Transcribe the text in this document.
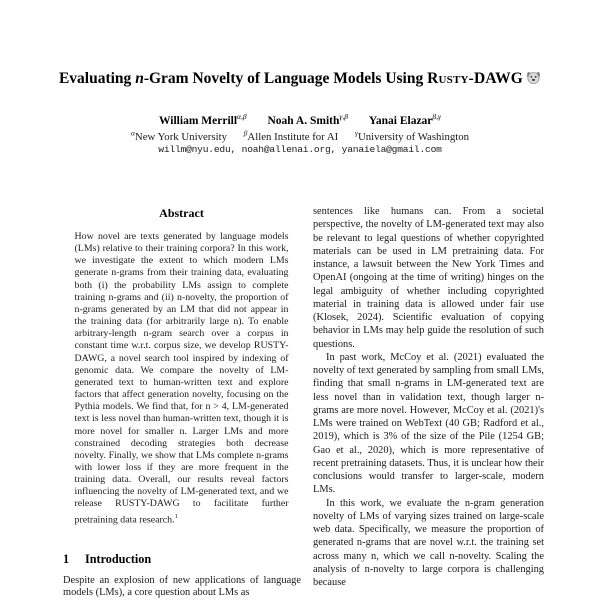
Evaluating n-Gram Novelty of Language Models Using Rusty-DAWG
William Merrill$^{\alpha,\beta}$ Noah A. Smith$^{\gamma,\beta}$ Yanai Elazar$^{\beta,\gamma}$
$^\alpha$New York University $^\beta$Allen Institute for AI $^\gamma$University of Washington
willm@nyu.edu, noah@allenai.org, yanaiela@gmail.com
Abstract

How novel are texts generated by language models (LMs) relative to their training corpora? In this work, we investigate the extent to which modern LMs generate n-grams from their training data, evaluating both (i) the probability LMs assign to complete training n-grams and (ii) n-novelty, the proportion of n-grams generated by an LM that did not appear in the training data (for arbitrarily large n). To enable arbitrary-length n-gram search over a corpus in constant time w.r.t. corpus size, we develop RUSTY-DAWG, a novel search tool inspired by indexing of genomic data. We compare the novelty of LM-generated text to human-written text and explore factors that affect generation novelty, focusing on the Pythia models. We find that, for n > 4, LM-generated text is less novel than human-written text, though it is more novel for smaller n. Larger LMs and more constrained decoding strategies both decrease novelty. Finally, we show that LMs complete n-grams with lower loss if they are more frequent in the training data. Overall, our results reveal factors influencing the novelty of LM-generated text, and we release RUSTY-DAWG to facilitate further pretraining data research.$^1$

1 Introduction

Despite an explosion of new applications of language models (LMs), a core question about LMs as

sentences like humans can. From a societal perspective, the novelty of LM-generated text may also be relevant to legal questions of whether copyrighted materials can be used in LM pretraining data. For instance, a lawsuit between the New York Times and OpenAI (ongoing at the time of writing) hinges on the legal ambiguity of whether including copyrighted material in training data is allowed under fair use (Klosek, 2024). Scientific evaluation of copying behavior in LMs may help guide the resolution of such questions.

In past work, McCoy et al. (2021) evaluated the novelty of text generated by sampling from small LMs, finding that small n-grams in LM-generated text are less novel than in validation text, though larger n-grams are more novel. However, McCoy et al. (2021)'s LMs were trained on WebText (40 GB; Radford et al., 2019), which is 3% of the size of the Pile (1254 GB; Gao et al., 2020), which is more representative of recent pretraining datasets. Thus, it is unclear how their conclusions would transfer to larger-scale, modern LMs.

In this work, we evaluate the n-gram generation novelty of LMs of varying sizes trained on large-scale web data. Specifically, we measure the proportion of generated n-grams that are novel w.r.t. the training set across many n, which we call n-novelty. Scaling the analysis of n-novelty to large corpora is challenging because
